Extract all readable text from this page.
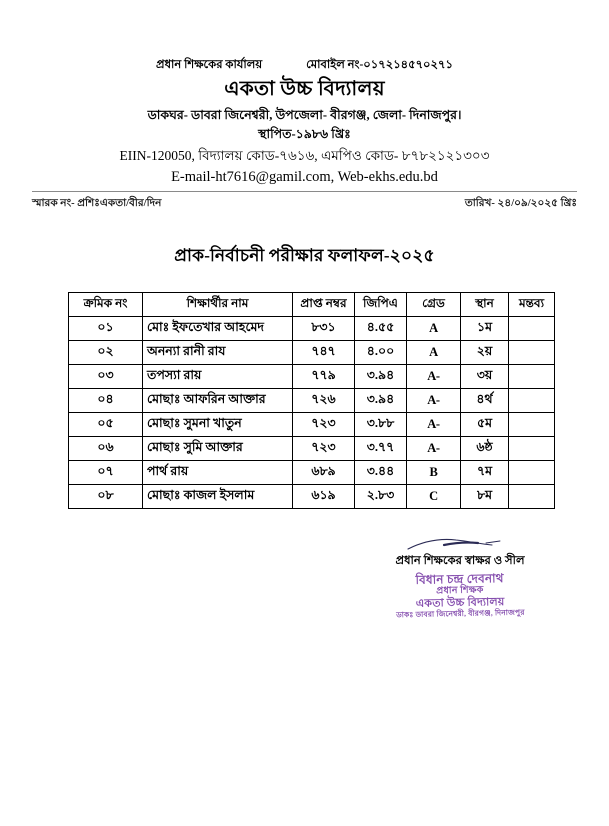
প্রধান শিক্ষকের কার্যালয়	মোবাইল নং-০১৭২১৪৫৭০২৭১
একতা উচ্চ বিদ্যালয়
ডাকঘর- ডাবরা জিনেশ্বরী, উপজেলা- বীরগঞ্জ, জেলা- দিনাজপুর।
স্থাপিত-১৯৮৬ খ্রিঃ
EIIN-120050, বিদ্যালয় কোড-৭৬১৬, এমপিও কোড- ৮৭৮২১২১৩০৩
E-mail-ht7616@gamil.com, Web-ekhs.edu.bd
স্মারক নং- প্রশিঃএকতা/বীর/দিন	তারিখ- ২৪/০৯/২০২৫ খ্রিঃ
প্রাক-নির্বাচনী পরীক্ষার ফলাফল-২০২৫
ক্রমিক নং	শিক্ষার্থীর নাম	প্রাপ্ত নম্বর	জিপিএ	গ্রেড	স্থান	মন্তব্য
০১	মোঃ ইফতেখার আহমেদ	৮৩১	৪.৫৫	A	১ম	
০২	অনন্যা রানী রায	৭৪৭	৪.০০	A	২য়	
০৩	তপস্যা রায়	৭৭৯	৩.৯৪	A-	৩য়	
০৪	মোছাঃ আফরিন আক্তার	৭২৬	৩.৯৪	A-	৪র্থ	
০৫	মোছাঃ সুমনা খাতুন	৭২৩	৩.৮৮	A-	৫ম	
০৬	মোছাঃ সুমি আক্তার	৭২৩	৩.৭৭	A-	৬ষ্ঠ	
০৭	পার্থ রায়	৬৮৯	৩.৪৪	B	৭ম	
০৮	মোছাঃ কাজল ইসলাম	৬১৯	২.৮৩	C	৮ম	
প্রধান শিক্ষকের স্বাক্ষর ও সীল
বিধান চন্দ্র দেবনাথ
প্রধান শিক্ষক
একতা উচ্চ বিদ্যালয়
ডাকঃ ডাবরা জিনেশ্বরী, বীরগঞ্জ, দিনাজপুর
